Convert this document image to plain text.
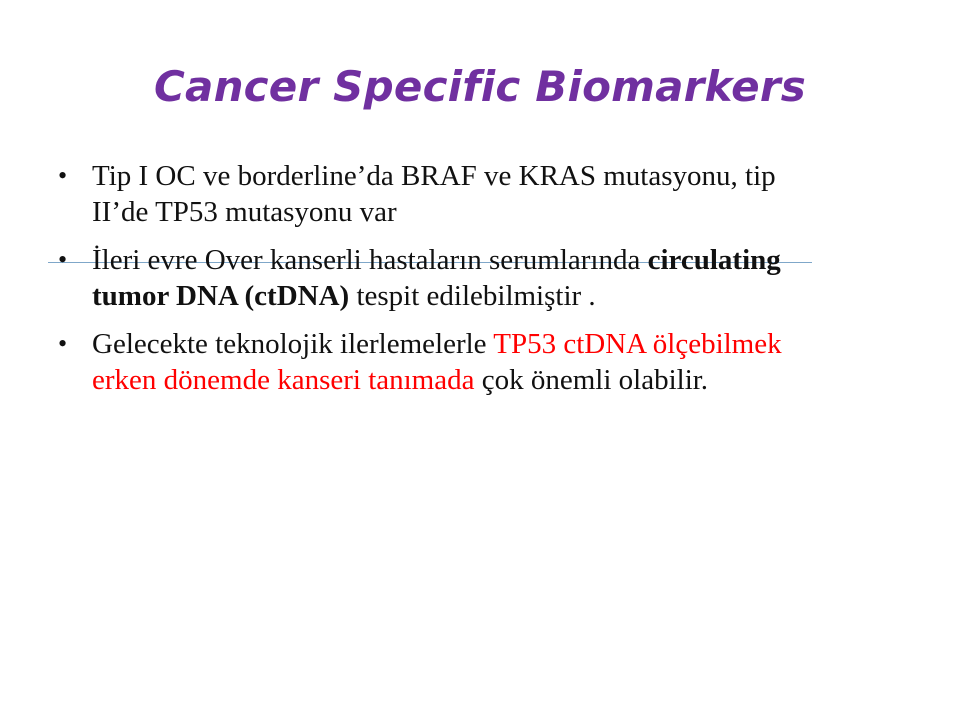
Cancer Specific Biomarkers
• Tip I OC ve borderline’da BRAF ve KRAS mutasyonu, tip II’de TP53 mutasyonu var
• İleri evre Over kanserli hastaların serumlarında circulating tumor DNA (ctDNA) tespit edilebilmiştir .
• Gelecekte teknolojik ilerlemelerle TP53 ctDNA ölçebilmek erken dönemde kanseri tanımada çok önemli olabilir.
